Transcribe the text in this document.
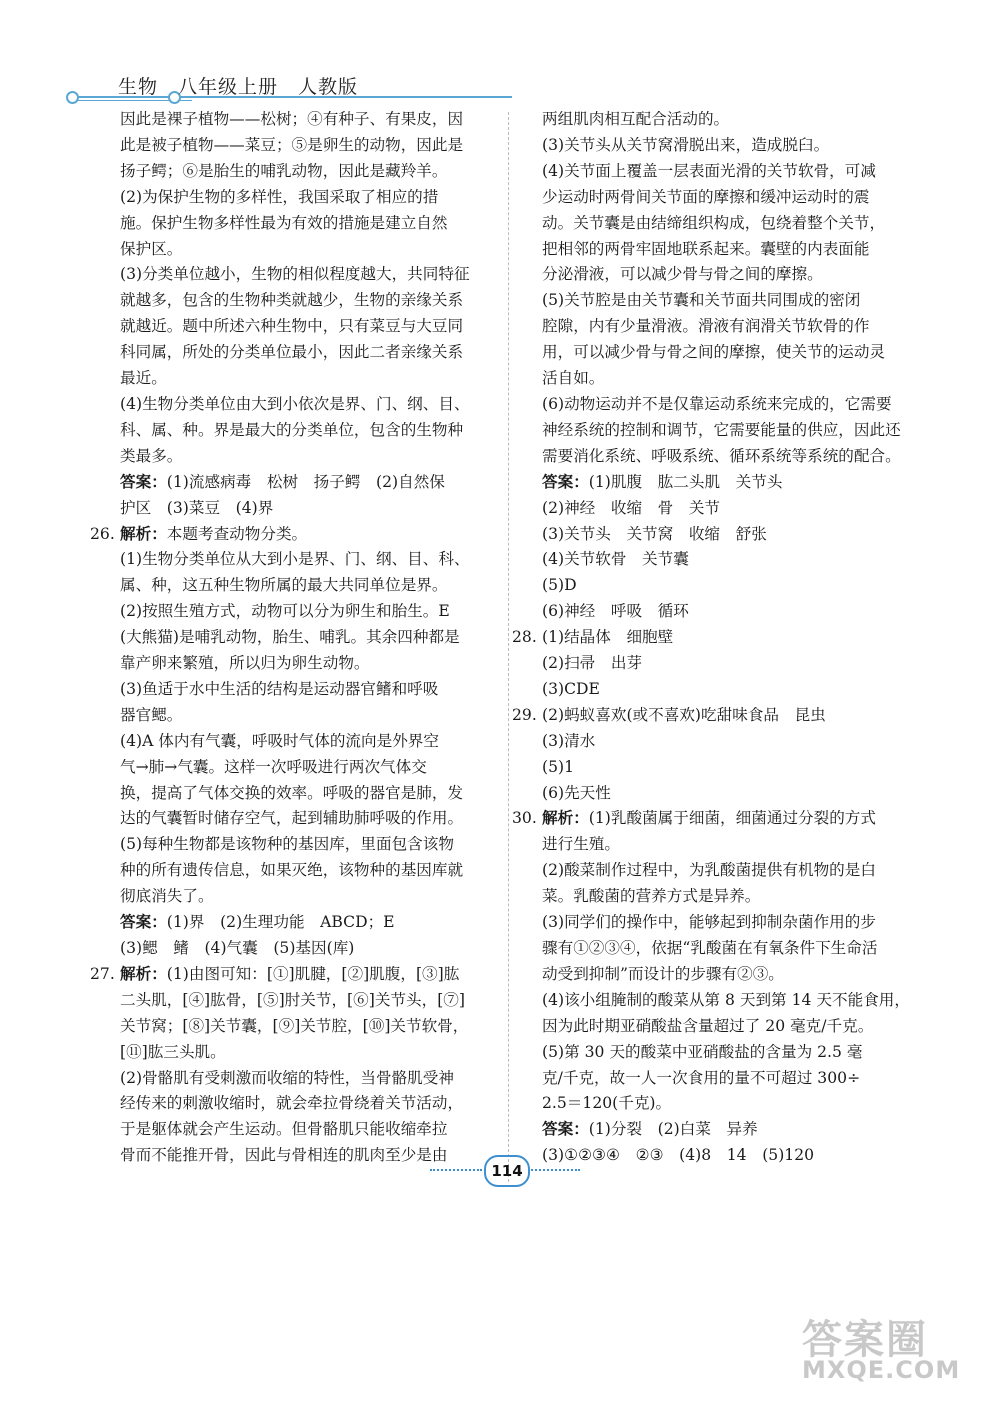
生物　八年级上册　人教版
因此是裸子植物——松树；④有种子、有果皮，因
此是被子植物——菜豆；⑤是卵生的动物，因此是
扬子鳄；⑥是胎生的哺乳动物，因此是藏羚羊。
(2)为保护生物的多样性，我国采取了相应的措
施。保护生物多样性最为有效的措施是建立自然
保护区。
(3)分类单位越小，生物的相似程度越大，共同特征
就越多，包含的生物种类就越少，生物的亲缘关系
就越近。题中所述六种生物中，只有菜豆与大豆同
科同属，所处的分类单位最小，因此二者亲缘关系
最近。
(4)生物分类单位由大到小依次是界、门、纲、目、
科、属、种。界是最大的分类单位，包含的生物种
类最多。
答案：(1)流感病毒　松树　扬子鳄　(2)自然保
护区　(3)菜豆　(4)界
26. 解析：本题考查动物分类。
(1)生物分类单位从大到小是界、门、纲、目、科、
属、种，这五种生物所属的最大共同单位是界。
(2)按照生殖方式，动物可以分为卵生和胎生。E
(大熊猫)是哺乳动物，胎生、哺乳。其余四种都是
靠产卵来繁殖，所以归为卵生动物。
(3)鱼适于水中生活的结构是运动器官鳍和呼吸
器官鳃。
(4)A 体内有气囊，呼吸时气体的流向是外界空
气→肺→气囊。这样一次呼吸进行两次气体交
换，提高了气体交换的效率。呼吸的器官是肺，发
达的气囊暂时储存空气，起到辅助肺呼吸的作用。
(5)每种生物都是该物种的基因库，里面包含该物
种的所有遗传信息，如果灭绝，该物种的基因库就
彻底消失了。
答案：(1)界　(2)生理功能　ABCD；E
(3)鳃　鳍　(4)气囊　(5)基因(库)
27. 解析：(1)由图可知：[①]肌腱，[②]肌腹，[③]肱
二头肌，[④]肱骨，[⑤]肘关节，[⑥]关节头，[⑦]
关节窝；[⑧]关节囊，[⑨]关节腔，[⑩]关节软骨，
[⑪]肱三头肌。
(2)骨骼肌有受刺激而收缩的特性，当骨骼肌受神
经传来的刺激收缩时，就会牵拉骨绕着关节活动，
于是躯体就会产生运动。但骨骼肌只能收缩牵拉
骨而不能推开骨，因此与骨相连的肌肉至少是由
两组肌肉相互配合活动的。
(3)关节头从关节窝滑脱出来，造成脱臼。
(4)关节面上覆盖一层表面光滑的关节软骨，可减
少运动时两骨间关节面的摩擦和缓冲运动时的震
动。关节囊是由结缔组织构成，包绕着整个关节，
把相邻的两骨牢固地联系起来。囊壁的内表面能
分泌滑液，可以减少骨与骨之间的摩擦。
(5)关节腔是由关节囊和关节面共同围成的密闭
腔隙，内有少量滑液。滑液有润滑关节软骨的作
用，可以减少骨与骨之间的摩擦，使关节的运动灵
活自如。
(6)动物运动并不是仅靠运动系统来完成的，它需要
神经系统的控制和调节，它需要能量的供应，因此还
需要消化系统、呼吸系统、循环系统等系统的配合。
答案：(1)肌腹　肱二头肌　关节头
(2)神经　收缩　骨　关节
(3)关节头　关节窝　收缩　舒张
(4)关节软骨　关节囊
(5)D
(6)神经　呼吸　循环
28. (1)结晶体　细胞壁
(2)扫帚　出芽
(3)CDE
29. (2)蚂蚁喜欢(或不喜欢)吃甜味食品　昆虫
(3)清水
(5)1
(6)先天性
30. 解析：(1)乳酸菌属于细菌，细菌通过分裂的方式
进行生殖。
(2)酸菜制作过程中，为乳酸菌提供有机物的是白
菜。乳酸菌的营养方式是异养。
(3)同学们的操作中，能够起到抑制杂菌作用的步
骤有①②③④，依据“乳酸菌在有氧条件下生命活
动受到抑制”而设计的步骤有②③。
(4)该小组腌制的酸菜从第 8 天到第 14 天不能食用，
因为此时期亚硝酸盐含量超过了 20 毫克/千克。
(5)第 30 天的酸菜中亚硝酸盐的含量为 2.5 毫
克/千克，故一人一次食用的量不可超过 300÷
2.5＝120(千克)。
答案：(1)分裂　(2)白菜　异养
(3)①②③④　②③　(4)8　14　(5)120
114
答案圈
MXQE.COM
